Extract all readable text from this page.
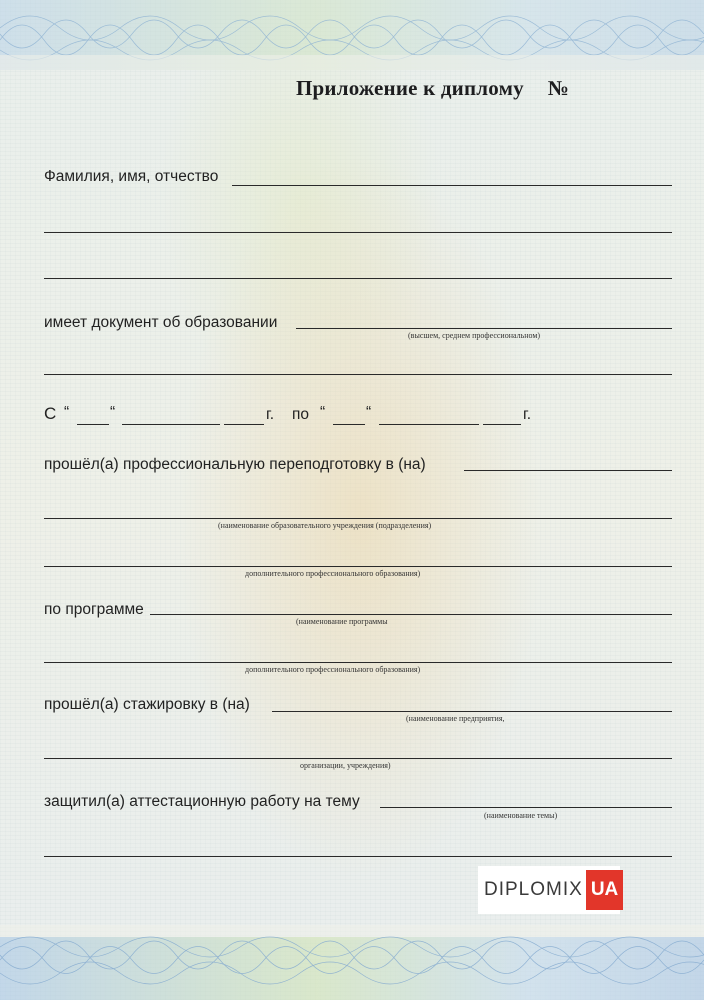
Приложение к диплому №
Фамилия, имя, отчество
имеет документ об образовании
(высшем, среднем профессиональном)
С “	“	г. по “	“	г.
прошёл(а) профессиональную переподготовку в (на)
(наименование образовательного учреждения (подразделения)
дополнительного профессионального образования)
по программе
(наименование программы
дополнительного профессионального образования)
прошёл(а) стажировку в (на)
(наименование предприятия,
организации, учреждения)
защитил(а) аттестационную работу на тему
(наименование темы)
DIPLOMIX UA
